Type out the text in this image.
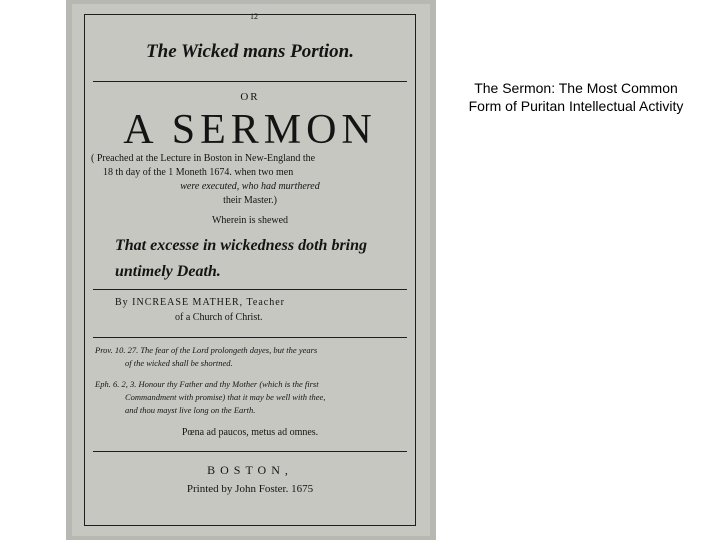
12
The Wicked mans Portion.
OR
A SERMON
( Preached at the Lecture in Boston in New-England the
18 th day of the 1 Moneth 1674. when two men
were executed, who had murthered
their Master.)
Wherein is shewed
That excesse in wickedness doth bring
untimely Death.
By INCREASE MATHER, Teacher
of a Church of Christ.
Prov. 10. 27. The fear of the Lord prolongeth dayes, but the years
of the wicked shall be shortned.
Eph. 6. 2, 3. Honour thy Father and thy Mother (which is the first
Commandment with promise) that it may be well with thee,
and thou mayst live long on the Earth.
Pœna ad paucos, metus ad omnes.
BOSTON,
Printed by John Foster. 1675
The Sermon: The Most Common Form of Puritan Intellectual Activity
